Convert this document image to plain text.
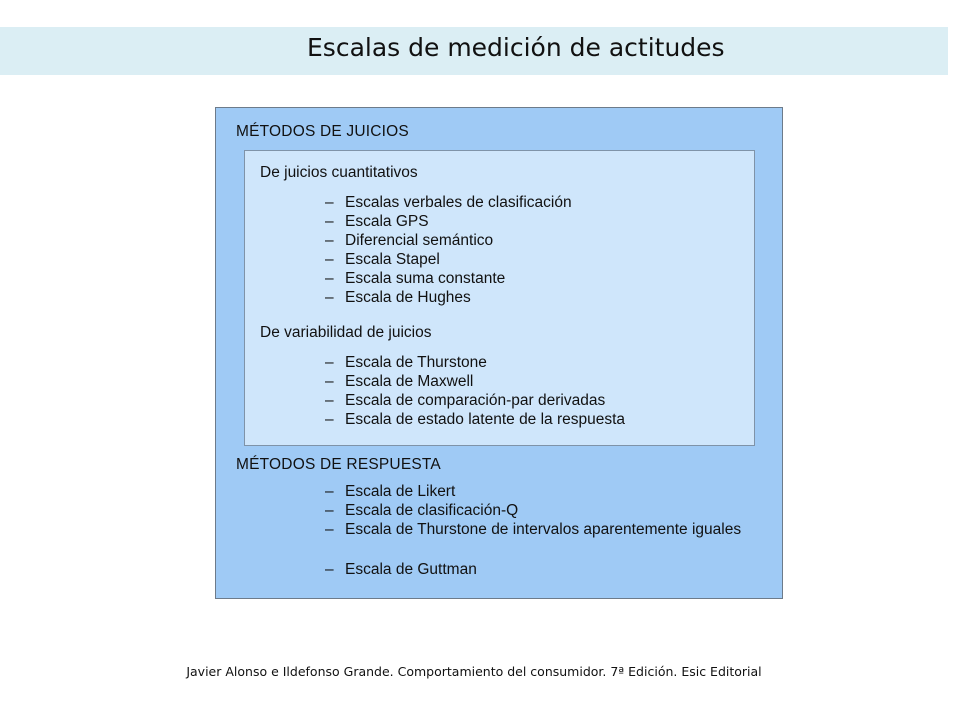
Escalas de medición de actitudes
MÉTODOS DE JUICIOS
De juicios cuantitativos
– Escalas verbales de clasificación
– Escala GPS
– Diferencial semántico
– Escala Stapel
– Escala suma constante
– Escala de Hughes
De variabilidad de juicios
– Escala de Thurstone
– Escala de Maxwell
– Escala de comparación-par derivadas
– Escala de estado latente de la respuesta
MÉTODOS DE RESPUESTA
– Escala de Likert
– Escala de clasificación-Q
– Escala de Thurstone de intervalos aparentemente iguales
– Escala de Guttman
Javier Alonso e Ildefonso Grande. Comportamiento del consumidor. 7ª Edición. Esic Editorial
